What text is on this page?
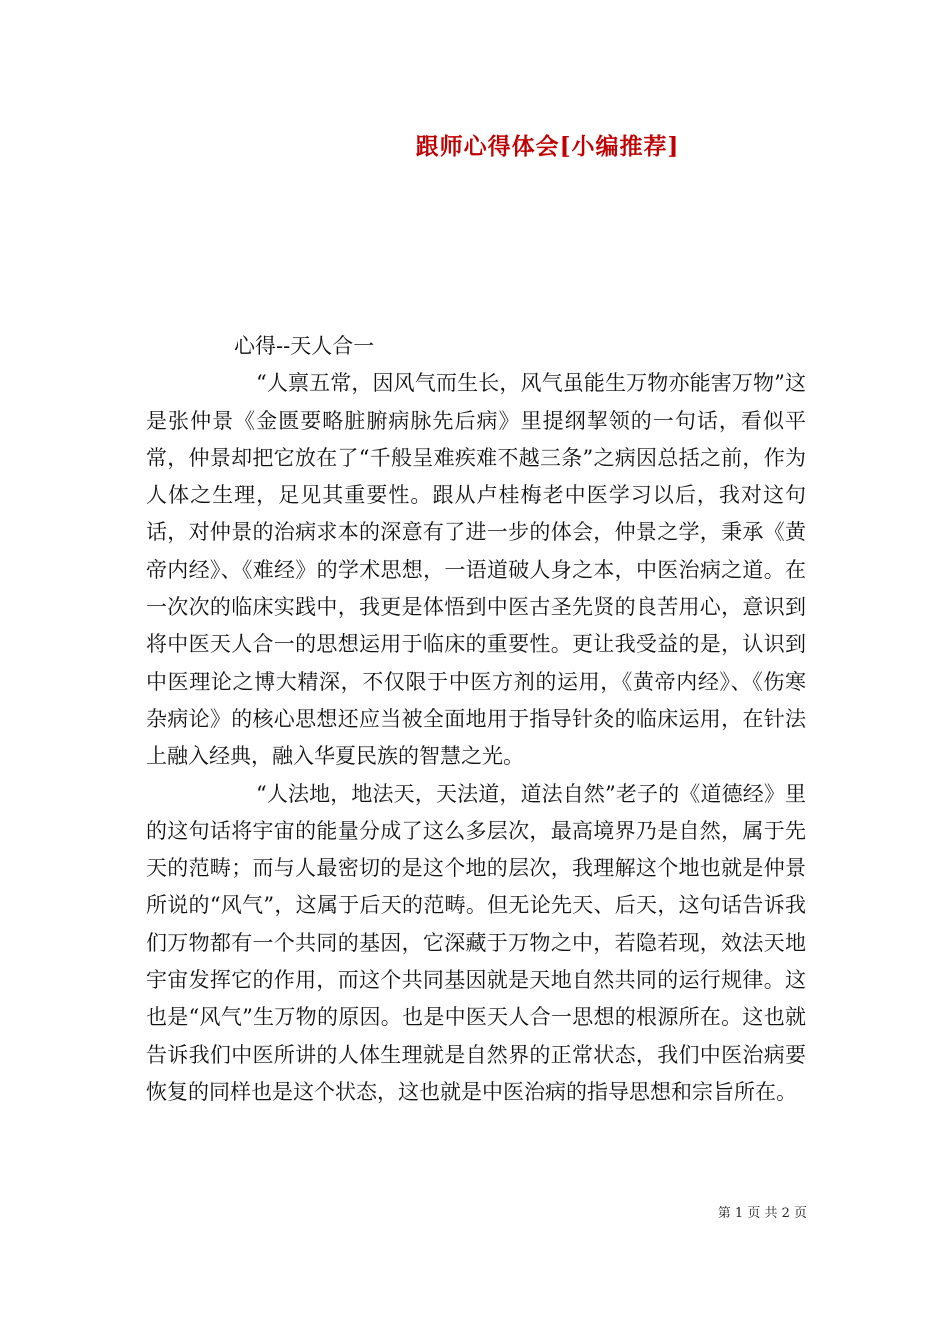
跟师心得体会[小编推荐]

心得--天人合一

“人禀五常，因风气而生长，风气虽能生万物亦能害万物”这是张仲景《金匮要略脏腑病脉先后病》里提纲挈领的一句话，看似平常，仲景却把它放在了“千般呈难疾难不越三条”之病因总括之前，作为人体之生理，足见其重要性。跟从卢桂梅老中医学习以后，我对这句话，对仲景的治病求本的深意有了进一步的体会，仲景之学，秉承《黄帝内经》、《难经》的学术思想，一语道破人身之本，中医治病之道。在一次次的临床实践中，我更是体悟到中医古圣先贤的良苦用心，意识到将中医天人合一的思想运用于临床的重要性。更让我受益的是，认识到中医理论之博大精深，不仅限于中医方剂的运用，《黄帝内经》、《伤寒杂病论》的核心思想还应当被全面地用于指导针灸的临床运用，在针法上融入经典，融入华夏民族的智慧之光。

“人法地，地法天，天法道，道法自然”老子的《道德经》里的这句话将宇宙的能量分成了这么多层次，最高境界乃是自然，属于先天的范畴；而与人最密切的是这个地的层次，我理解这个地也就是仲景所说的“风气”，这属于后天的范畴。但无论先天、后天，这句话告诉我们万物都有一个共同的基因，它深藏于万物之中，若隐若现，效法天地宇宙发挥它的作用，而这个共同基因就是天地自然共同的运行规律。这也是“风气”生万物的原因。也是中医天人合一思想的根源所在。这也就告诉我们中医所讲的人体生理就是自然界的正常状态，我们中医治病要恢复的同样也是这个状态，这也就是中医治病的指导思想和宗旨所在。

第 1 页 共 2 页
